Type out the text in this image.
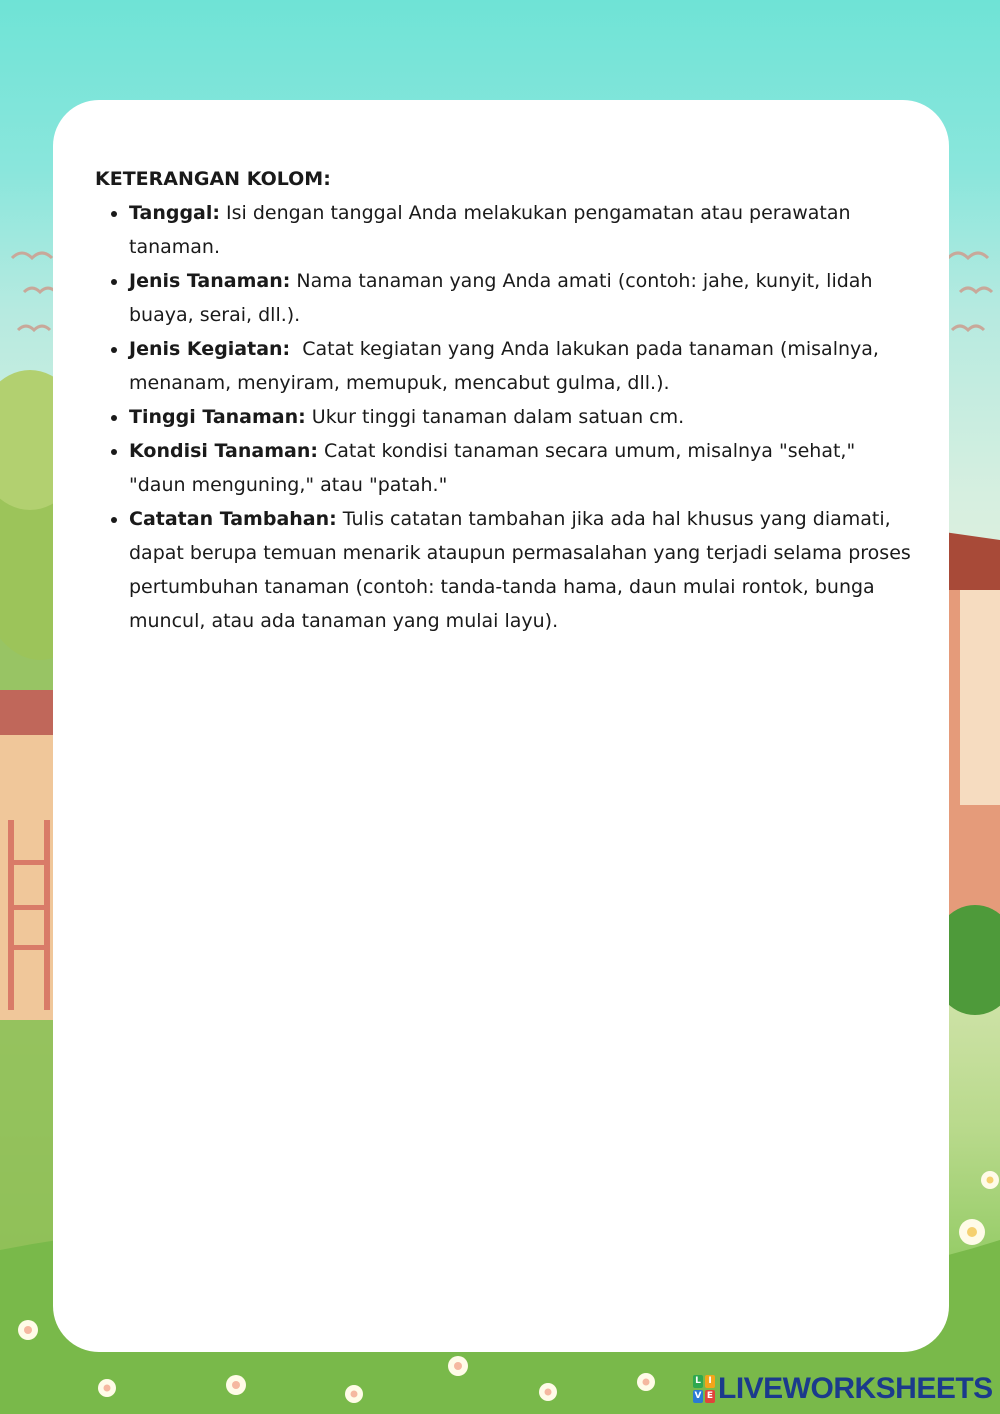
KETERANGAN KOLOM:

• Tanggal: Isi dengan tanggal Anda melakukan pengamatan atau perawatan tanaman.
• Jenis Tanaman: Nama tanaman yang Anda amati (contoh: jahe, kunyit, lidah buaya, serai, dll.).
• Jenis Kegiatan:  Catat kegiatan yang Anda lakukan pada tanaman (misalnya, menanam, menyiram, memupuk, mencabut gulma, dll.).
• Tinggi Tanaman: Ukur tinggi tanaman dalam satuan cm.
• Kondisi Tanaman: Catat kondisi tanaman secara umum, misalnya "sehat," "daun menguning," atau "patah."
• Catatan Tambahan: Tulis catatan tambahan jika ada hal khusus yang diamati, dapat berupa temuan menarik ataupun permasalahan yang terjadi selama proses pertumbuhan tanaman (contoh: tanda-tanda hama, daun mulai rontok, bunga muncul, atau ada tanaman yang mulai layu).
L I
V E LIVEWORKSHEETS
